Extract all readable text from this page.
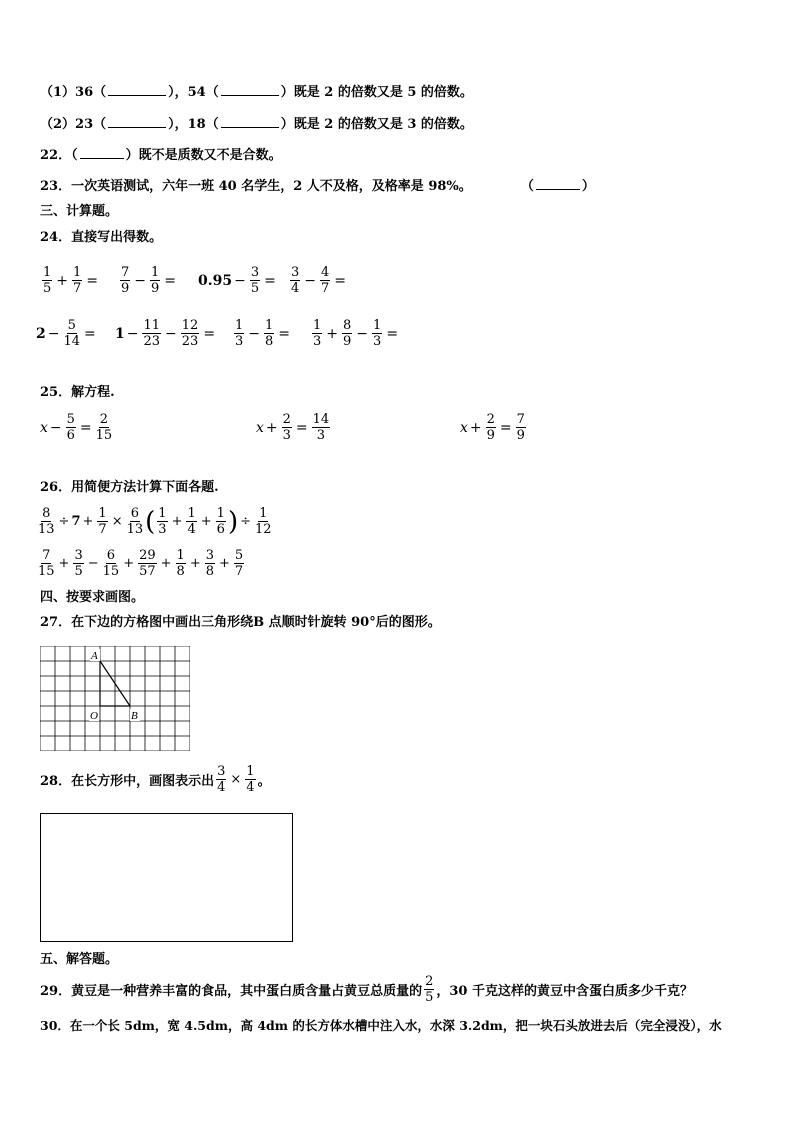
（1）36（	），54（	）既是 2 的倍数又是 5 的倍数。
（2）23（	），18（	）既是 2 的倍数又是 3 的倍数。
22．（	）既不是质数又不是合数。
23．一次英语测试，六年一班 40 名学生，2 人不及格，及格率是 98%。	（	）
三、计算题。
24．直接写出得数。
$\frac{1}{5} + \frac{1}{7} = \frac{7}{9} - \frac{1}{9} = 0.95 - \frac{3}{5} = \frac{3}{4} - \frac{4}{7}$ =
$2 - \frac{5}{14} = 1 - \frac{11}{23} - \frac{12}{23} = \frac{1}{3} - \frac{1}{8} = \frac{1}{3} + \frac{8}{9} - \frac{1}{3}$ =
25．解方程.
$x - \frac{5}{6} = \frac{2}{15}$	$x + \frac{2}{3} = \frac{14}{3}$	$x + \frac{2}{9} = \frac{7}{9}$
26．用简便方法计算下面各题.
$\frac{8}{13} \div 7 + \frac{1}{7} \times \frac{6}{13}$ ( $\frac{1}{3} + \frac{1}{4} + \frac{1}{6}$ ) ÷ $\frac{1}{12}$
$\frac{7}{15} + \frac{3}{5} - \frac{6}{15} + \frac{29}{57} + \frac{1}{8} + \frac{3}{8} + \frac{5}{7}$
四、按要求画图。
27．在下边的方格图中画出三角形绕B 点顺时针旋转 90°后的图形。
A
O	B
28．在长方形中，画图表示出 $\frac{3}{4} \times \frac{1}{4}$ 。
五、解答题。
29．黄豆是一种营养丰富的食品，其中蛋白质含量占黄豆总质量的 $\frac{2}{5}$ ，30 千克这样的黄豆中含蛋白质多少千克？
30．在一个长 5dm，宽 4.5dm，高 4dm 的长方体水槽中注入水，水深 3.2dm，把一块石头放进去后（完全浸没），水
